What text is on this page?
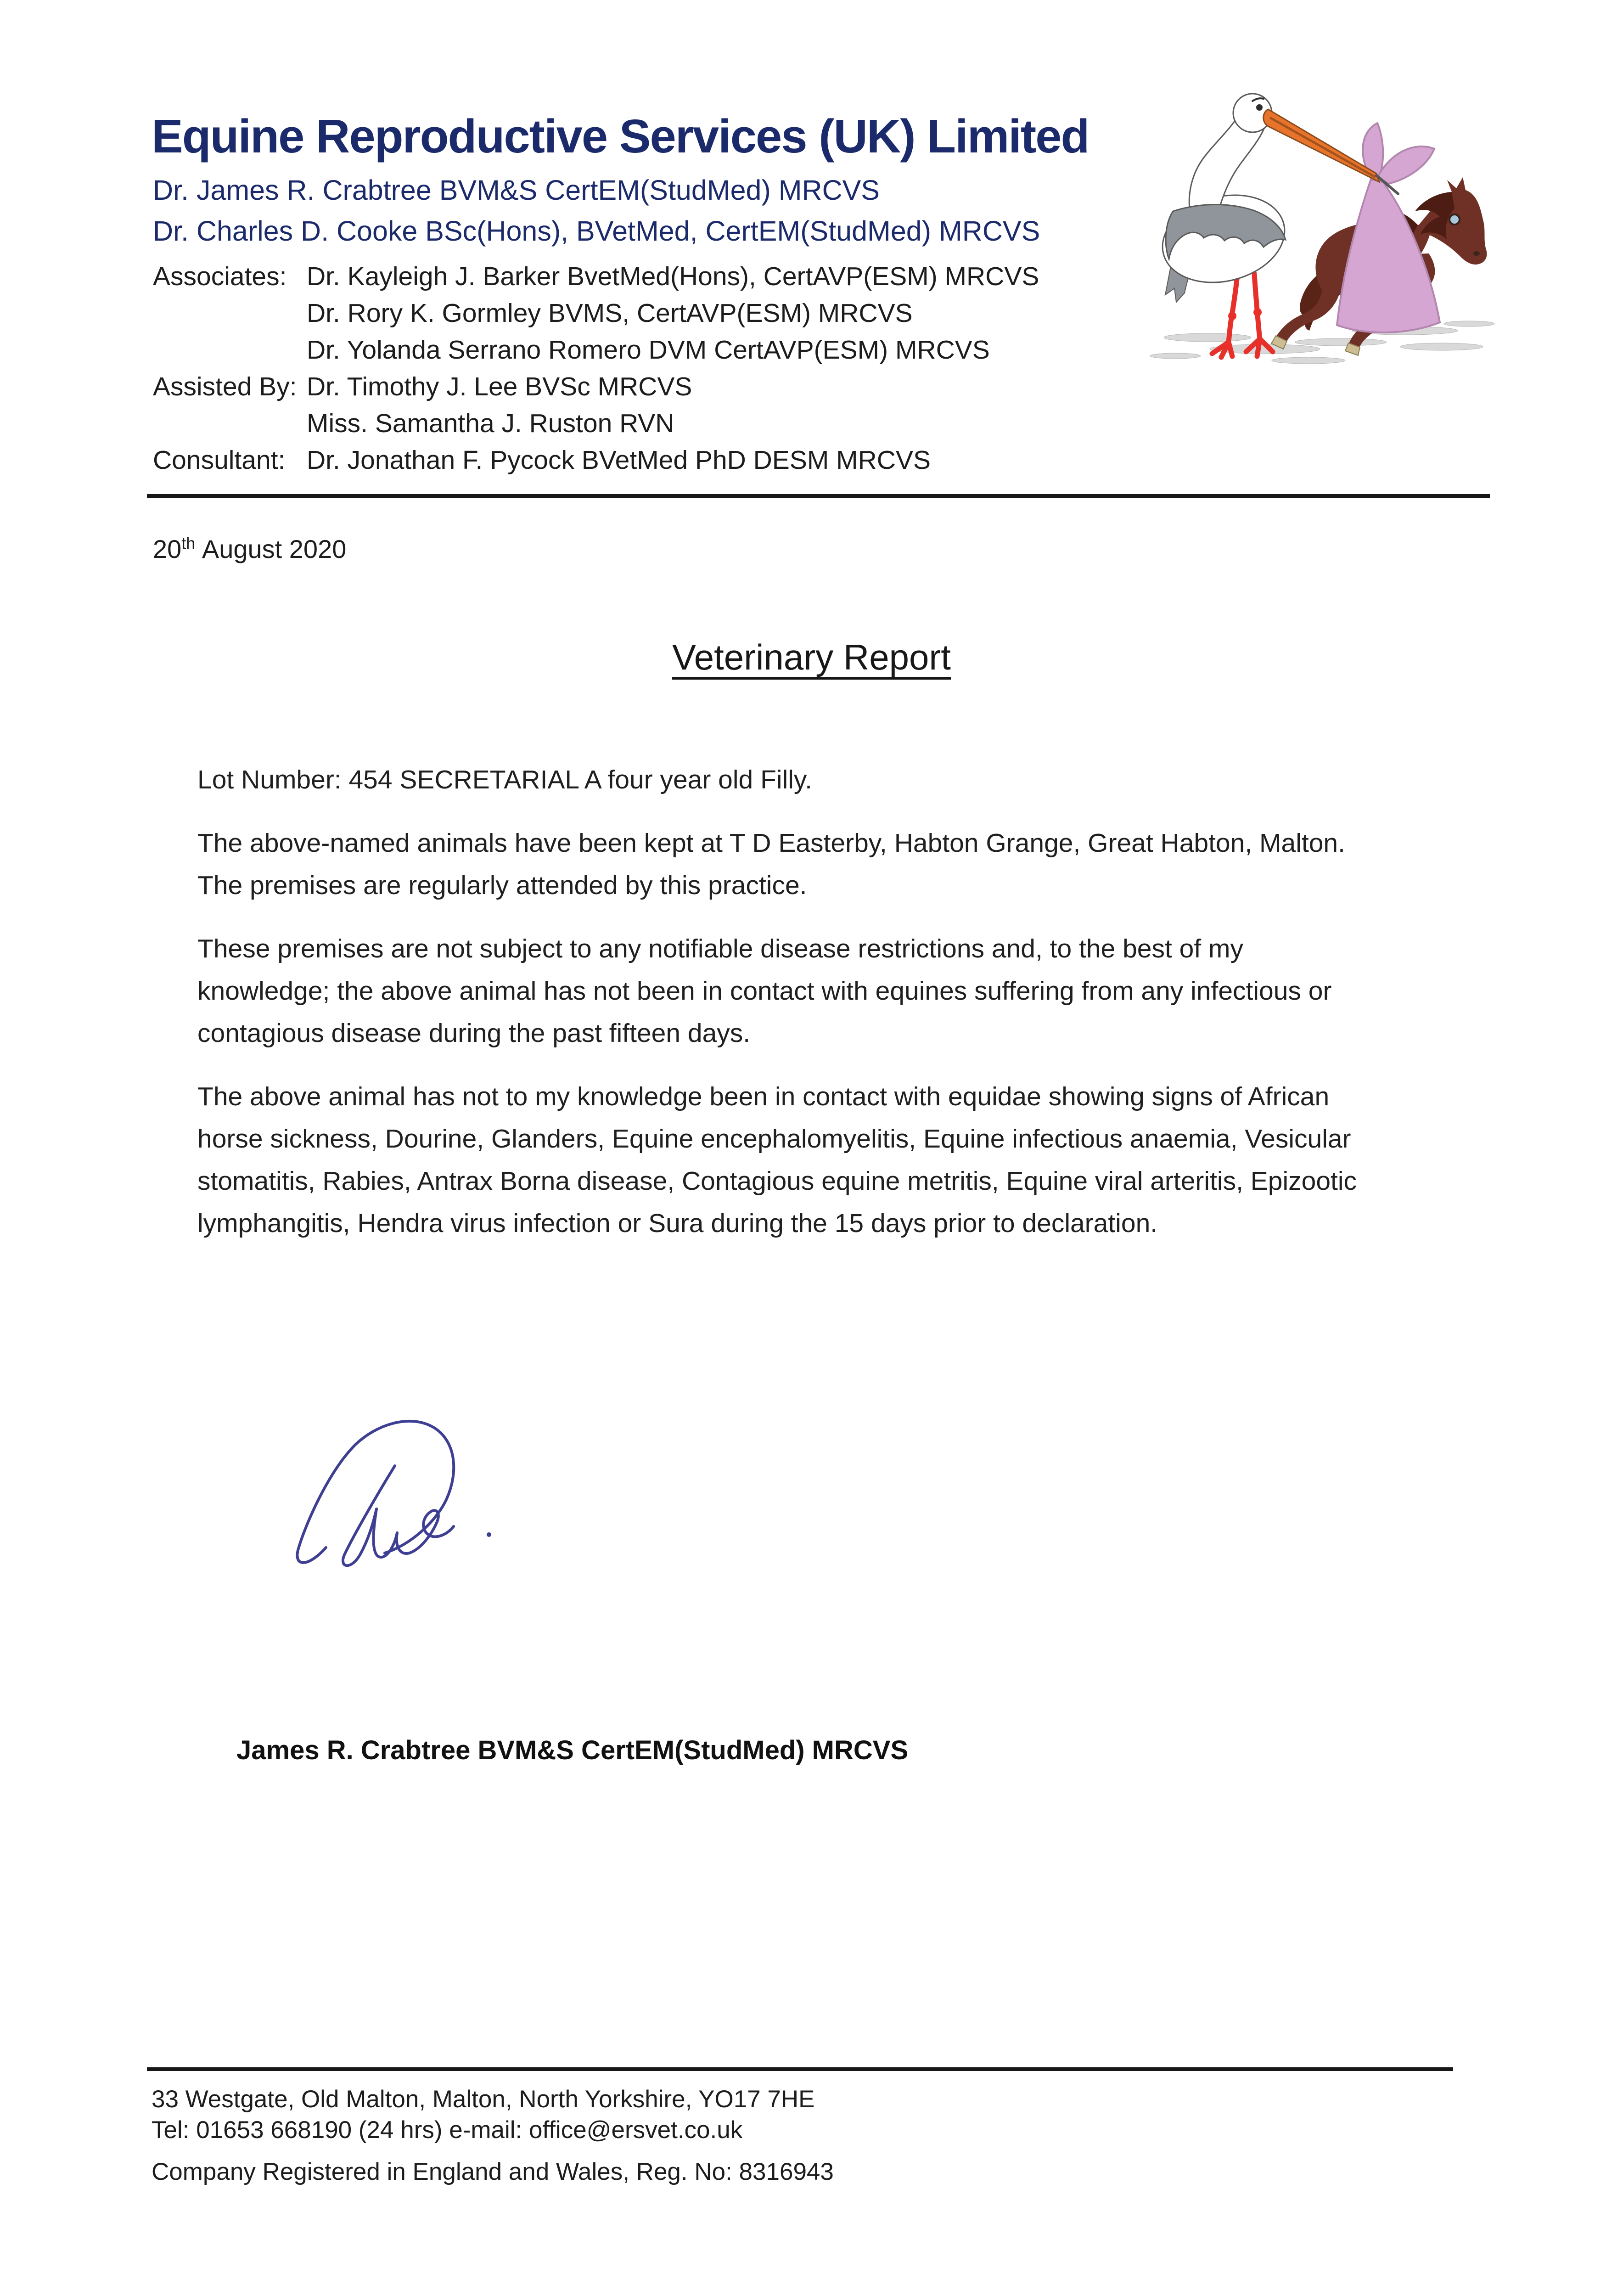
Equine Reproductive Services (UK) Limited
Dr. James R. Crabtree BVM&S CertEM(StudMed) MRCVS
Dr. Charles D. Cooke BSc(Hons), BVetMed, CertEM(StudMed) MRCVS
Associates: Dr. Kayleigh J. Barker BvetMed(Hons), CertAVP(ESM) MRCVS
Dr. Rory K. Gormley BVMS, CertAVP(ESM) MRCVS
Dr. Yolanda Serrano Romero DVM CertAVP(ESM) MRCVS
Assisted By: Dr. Timothy J. Lee BVSc MRCVS
Miss. Samantha J. Ruston RVN
Consultant: Dr. Jonathan F. Pycock BVetMed PhD DESM MRCVS
20th August 2020
Veterinary Report
Lot Number: 454 SECRETARIAL A four year old Filly.
The above-named animals have been kept at T D Easterby, Habton Grange, Great Habton, Malton.
The premises are regularly attended by this practice.
These premises are not subject to any notifiable disease restrictions and, to the best of my
knowledge; the above animal has not been in contact with equines suffering from any infectious or
contagious disease during the past fifteen days.
The above animal has not to my knowledge been in contact with equidae showing signs of African
horse sickness, Dourine, Glanders, Equine encephalomyelitis, Equine infectious anaemia, Vesicular
stomatitis, Rabies, Antrax Borna disease, Contagious equine metritis, Equine viral arteritis, Epizootic
lymphangitis, Hendra virus infection or Sura during the 15 days prior to declaration.
James R. Crabtree BVM&S CertEM(StudMed) MRCVS
33 Westgate, Old Malton, Malton, North Yorkshire, YO17 7HE
Tel: 01653 668190 (24 hrs) e-mail: office@ersvet.co.uk
Company Registered in England and Wales, Reg. No: 8316943
